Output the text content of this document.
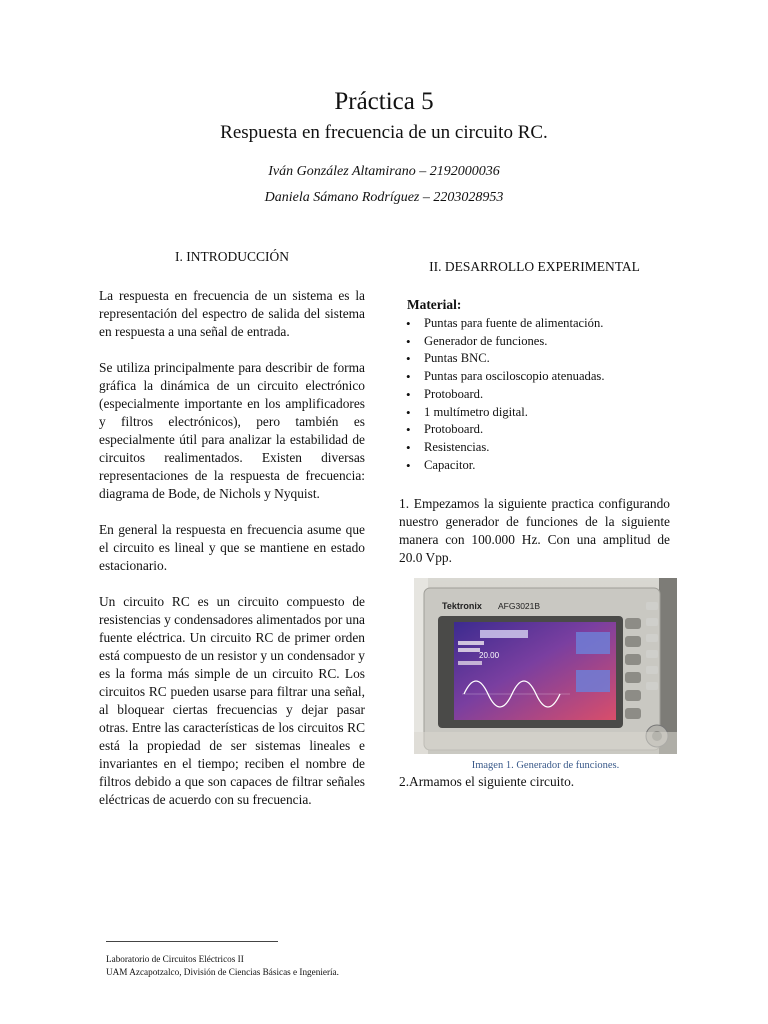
Práctica 5
Respuesta en frecuencia de un circuito RC.
Iván González Altamirano – 2192000036
Daniela Sámano Rodríguez – 2203028953
I. INTRODUCCIÓN

La respuesta en frecuencia de un sistema es la representación del espectro de salida del sistema en respuesta a una señal de entrada.

Se utiliza principalmente para describir de forma gráfica la dinámica de un circuito electrónico (especialmente importante en los amplificadores y filtros electrónicos), pero también es especialmente útil para analizar la estabilidad de circuitos realimentados. Existen diversas representaciones de la respuesta de frecuencia: diagrama de Bode, de Nichols y Nyquist.

En general la respuesta en frecuencia asume que el circuito es lineal y que se mantiene en estado estacionario.

Un circuito RC es un circuito compuesto de resistencias y condensadores alimentados por una fuente eléctrica. Un circuito RC de primer orden está compuesto de un resistor y un condensador y es la forma más simple de un circuito RC. Los circuitos RC pueden usarse para filtrar una señal, al bloquear ciertas frecuencias y dejar pasar otras. Entre las características de los circuitos RC está la propiedad de ser sistemas lineales e invariantes en el tiempo; reciben el nombre de filtros debido a que son capaces de filtrar señales eléctricas de acuerdo con su frecuencia.

II. DESARROLLO EXPERIMENTAL
Material:
• Puntas para fuente de alimentación.
• Generador de funciones.
• Puntas BNC.
• Puntas para osciloscopio atenuadas.
• Protoboard.
• 1 multímetro digital.
• Protoboard.
• Resistencias.
• Capacitor.

1. Empezamos la siguiente practica configurando nuestro generador de funciones de la siguiente manera con 100.000 Hz. Con una amplitud de 20.0 Vpp.

Tektronix AFG3021B
20.00
Imagen 1. Generador de funciones.
2.Armamos el siguiente circuito.
Laboratorio de Circuitos Eléctricos II
UAM Azcapotzalco, División de Ciencias Básicas e Ingeniería.
